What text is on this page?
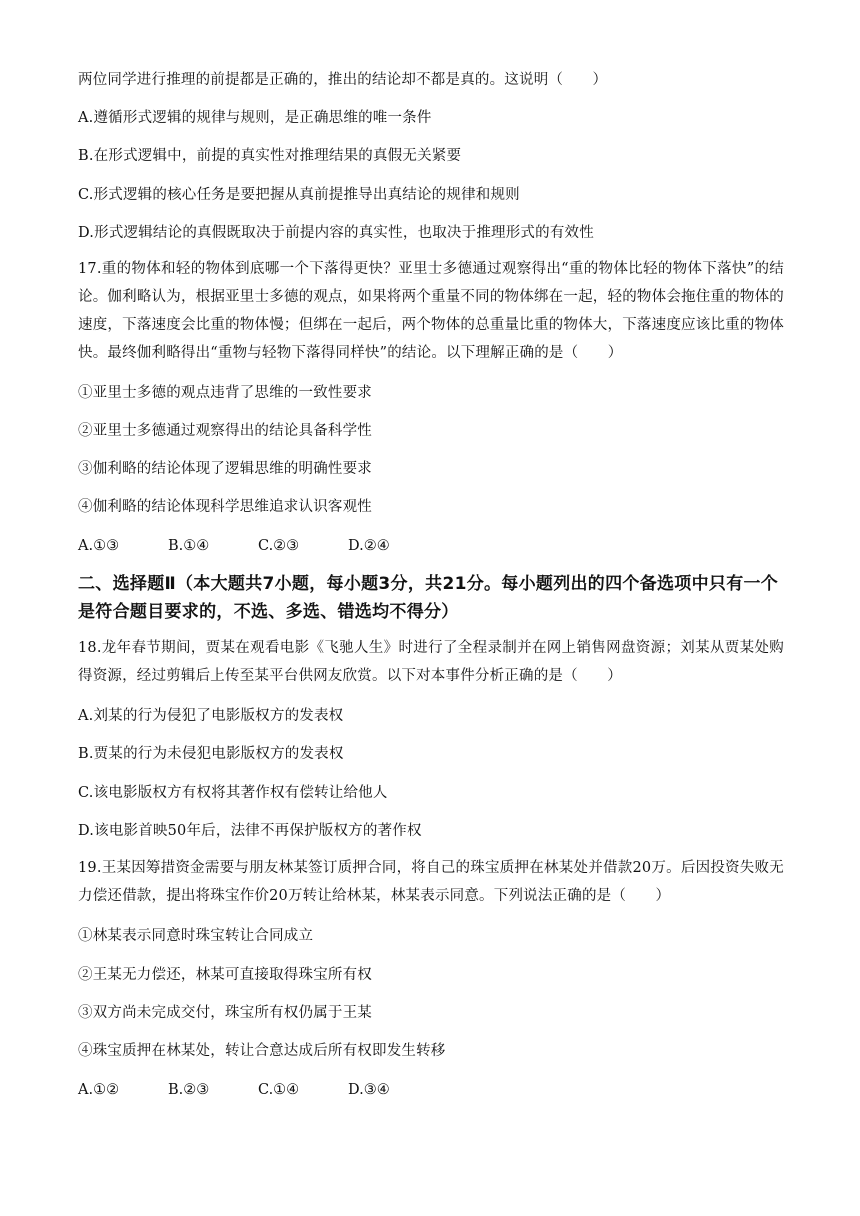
两位同学进行推理的前提都是正确的，推出的结论却不都是真的。这说明（　　）
A.遵循形式逻辑的规律与规则，是正确思维的唯一条件
B.在形式逻辑中，前提的真实性对推理结果的真假无关紧要
C.形式逻辑的核心任务是要把握从真前提推导出真结论的规律和规则
D.形式逻辑结论的真假既取决于前提内容的真实性，也取决于推理形式的有效性
17.重的物体和轻的物体到底哪一个下落得更快？亚里士多德通过观察得出“重的物体比轻的物体下落快”的结论。伽利略认为，根据亚里士多德的观点，如果将两个重量不同的物体绑在一起，轻的物体会拖住重的物体的速度，下落速度会比重的物体慢；但绑在一起后，两个物体的总重量比重的物体大，下落速度应该比重的物体快。最终伽利略得出“重物与轻物下落得同样快”的结论。以下理解正确的是（　　）
①亚里士多德的观点违背了思维的一致性要求
②亚里士多德通过观察得出的结论具备科学性
③伽利略的结论体现了逻辑思维的明确性要求
④伽利略的结论体现科学思维追求认识客观性
A.①③	B.①④	C.②③	D.②④
二、选择题Ⅱ（本大题共7小题，每小题3分，共21分。每小题列出的四个备选项中只有一个是符合题目要求的，不选、多选、错选均不得分）
18.龙年春节期间，贾某在观看电影《飞驰人生》时进行了全程录制并在网上销售网盘资源；刘某从贾某处购得资源，经过剪辑后上传至某平台供网友欣赏。以下对本事件分析正确的是（　　）
A.刘某的行为侵犯了电影版权方的发表权
B.贾某的行为未侵犯电影版权方的发表权
C.该电影版权方有权将其著作权有偿转让给他人
D.该电影首映50年后，法律不再保护版权方的著作权
19.王某因筹措资金需要与朋友林某签订质押合同，将自己的珠宝质押在林某处并借款20万。后因投资失败无力偿还借款，提出将珠宝作价20万转让给林某，林某表示同意。下列说法正确的是（　　）
①林某表示同意时珠宝转让合同成立
②王某无力偿还，林某可直接取得珠宝所有权
③双方尚未完成交付，珠宝所有权仍属于王某
④珠宝质押在林某处，转让合意达成后所有权即发生转移
A.①②	B.②③	C.①④	D.③④
